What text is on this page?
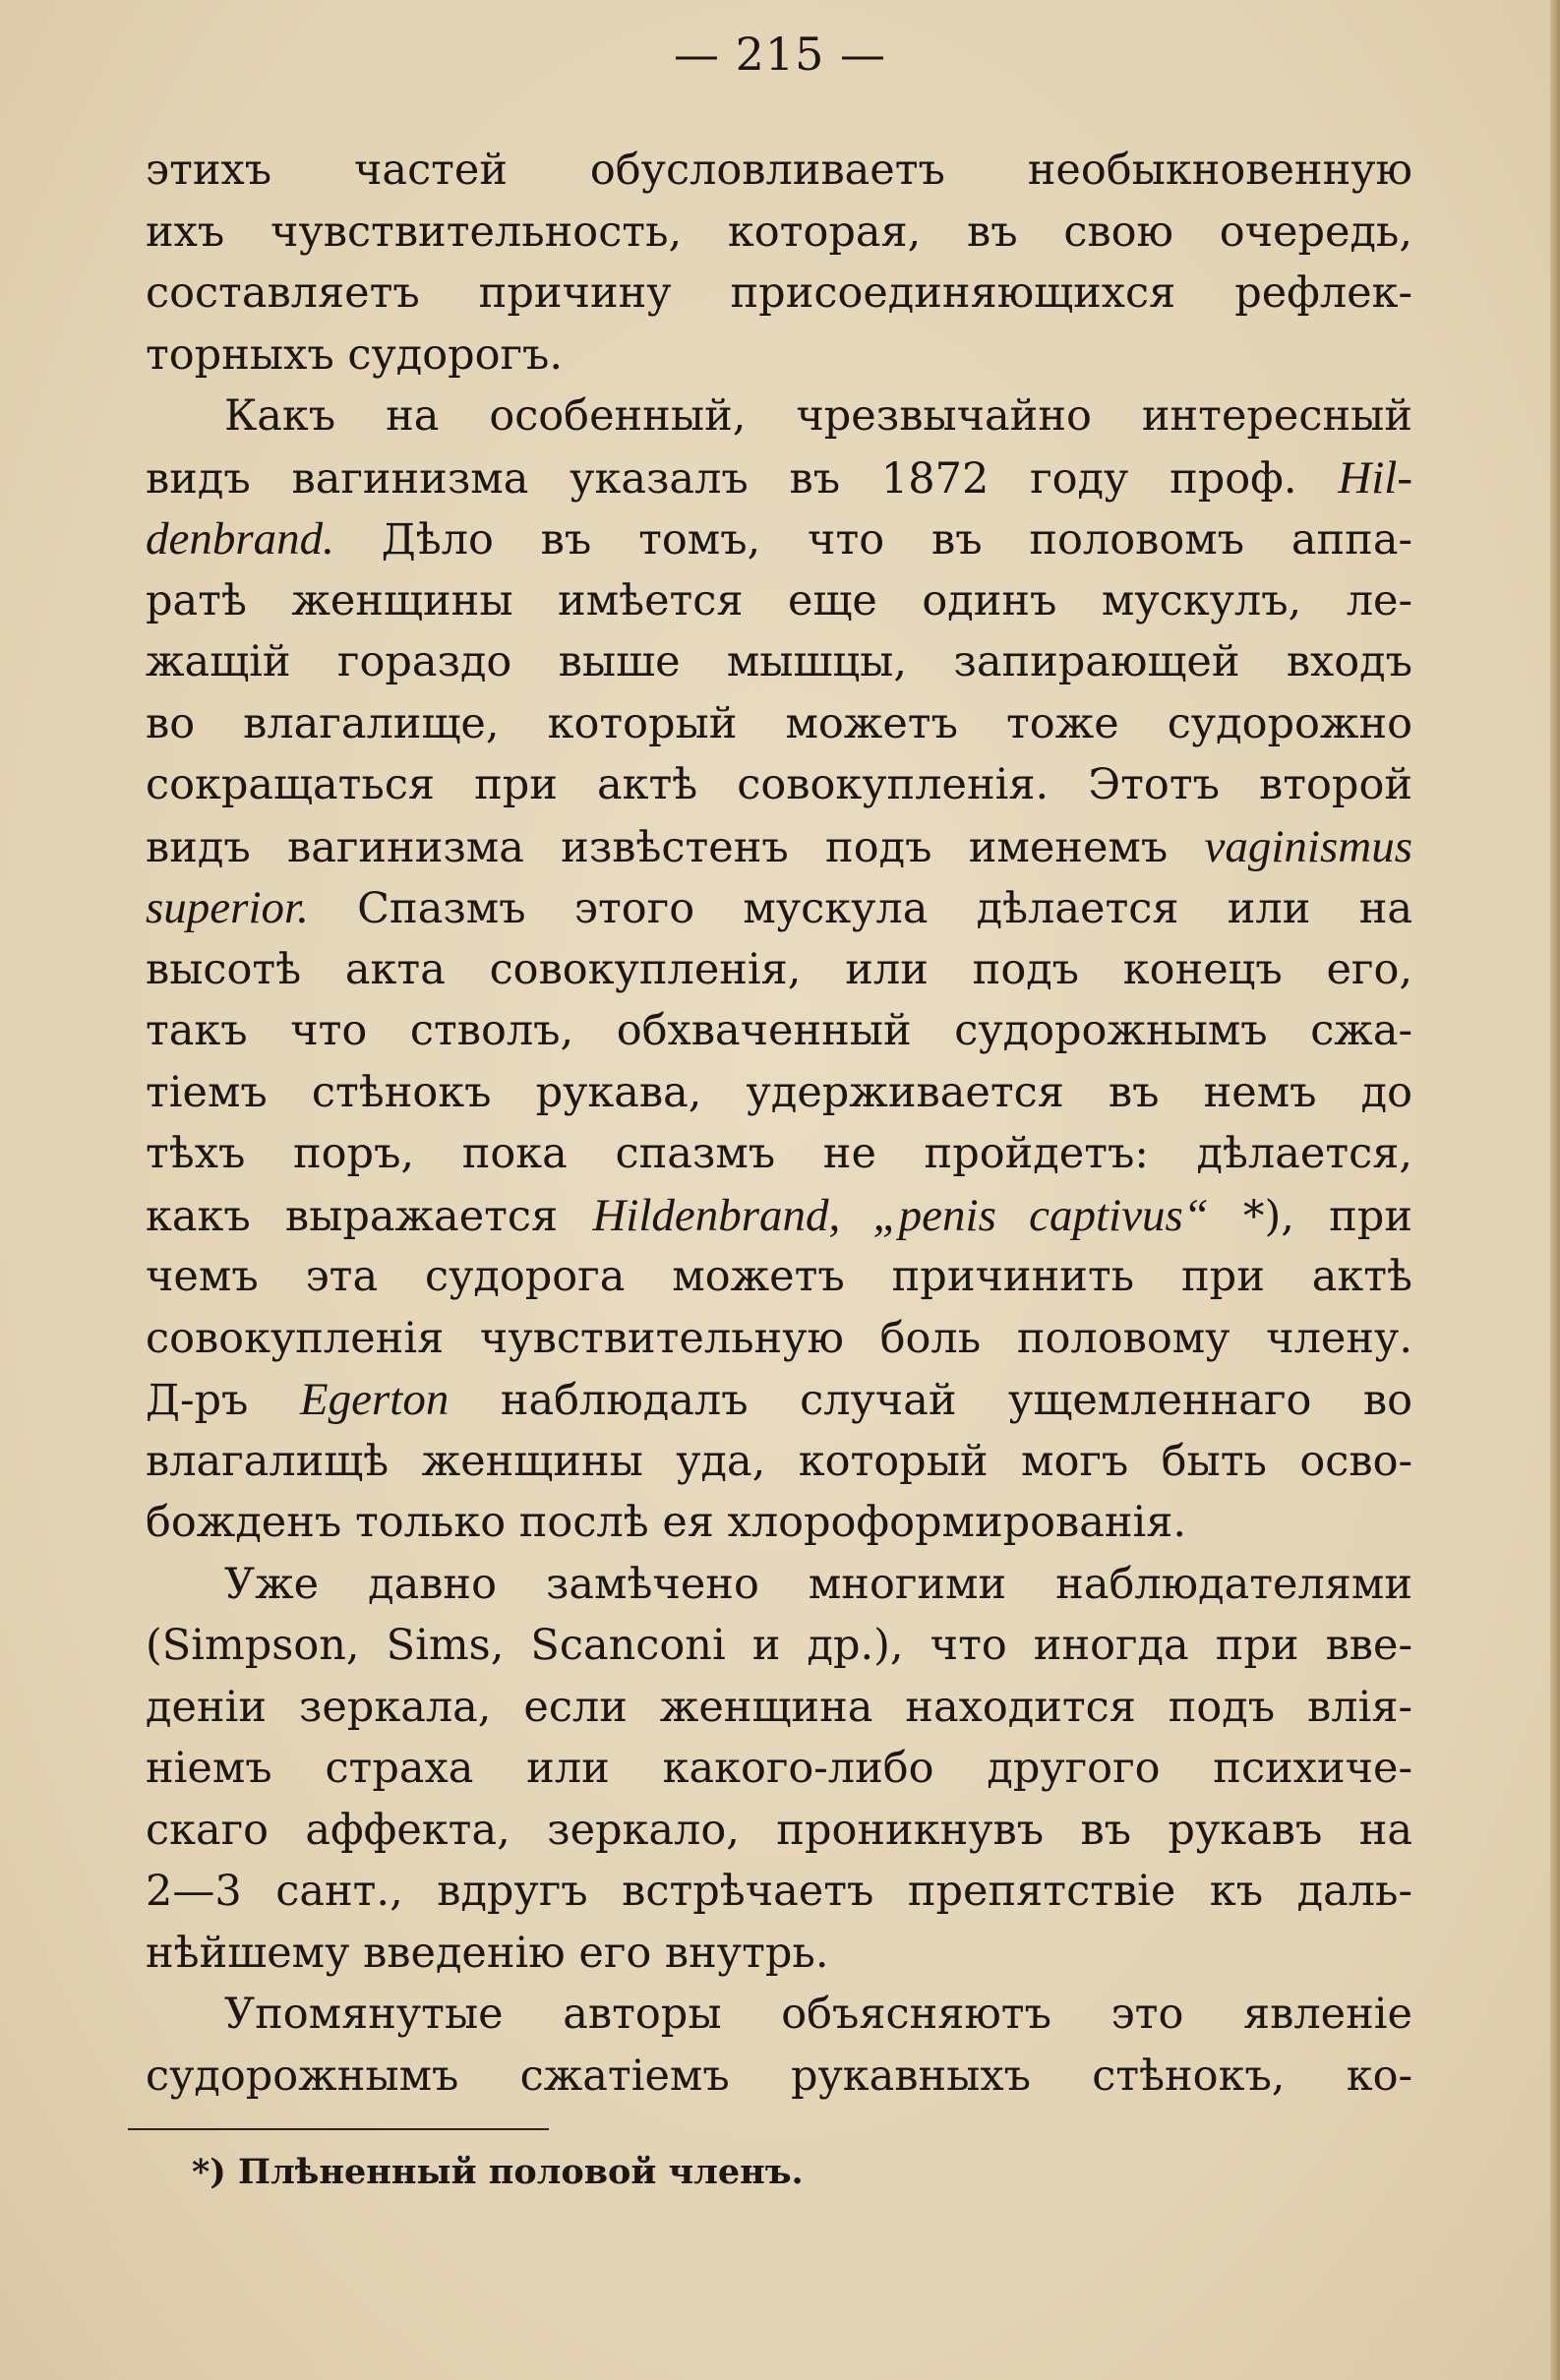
— 215 —
этихъ частей обусловливаетъ необыкновенную
ихъ чувствительность, которая, въ свою очередь,
составляетъ причину присоединяющихся рефлек-
торныхъ судорогъ.
Какъ на особенный, чрезвычайно интересный
видъ вагинизма указалъ въ 1872 году проф. Hil-
denbrand. Дѣло въ томъ, что въ половомъ аппа-
ратѣ женщины имѣется еще одинъ мускулъ, ле-
жащій гораздо выше мышцы, запирающей входъ
во влагалище, который можетъ тоже судорожно
сокращаться при актѣ совокупленія. Этотъ второй
видъ вагинизма извѣстенъ подъ именемъ vaginismus
superior. Спазмъ этого мускула дѣлается или на
высотѣ акта совокупленія, или подъ конецъ его,
такъ что стволъ, обхваченный судорожнымъ сжа-
тіемъ стѣнокъ рукава, удерживается въ немъ до
тѣхъ поръ, пока спазмъ не пройдетъ: дѣлается,
какъ выражается Hildenbrand, „penis captivus“ *), при
чемъ эта судорога можетъ причинить при актѣ
совокупленія чувствительную боль половому члену.
Д-ръ Egerton наблюдалъ случай ущемленнаго во
влагалищѣ женщины уда, который могъ быть осво-
божденъ только послѣ ея хлороформированія.
Уже давно замѣчено многими наблюдателями
(Simpson, Sims, Scanconi и др.), что иногда при вве-
деніи зеркала, если женщина находится подъ влія-
ніемъ страха или какого-либо другого психиче-
скаго аффекта, зеркало, проникнувъ въ рукавъ на
2—3 сант., вдругъ встрѣчаетъ препятствіе къ даль-
нѣйшему введенію его внутрь.
Упомянутые авторы объясняютъ это явленіе
судорожнымъ сжатіемъ рукавныхъ стѣнокъ, ко-
*) Плѣненный половой членъ.
